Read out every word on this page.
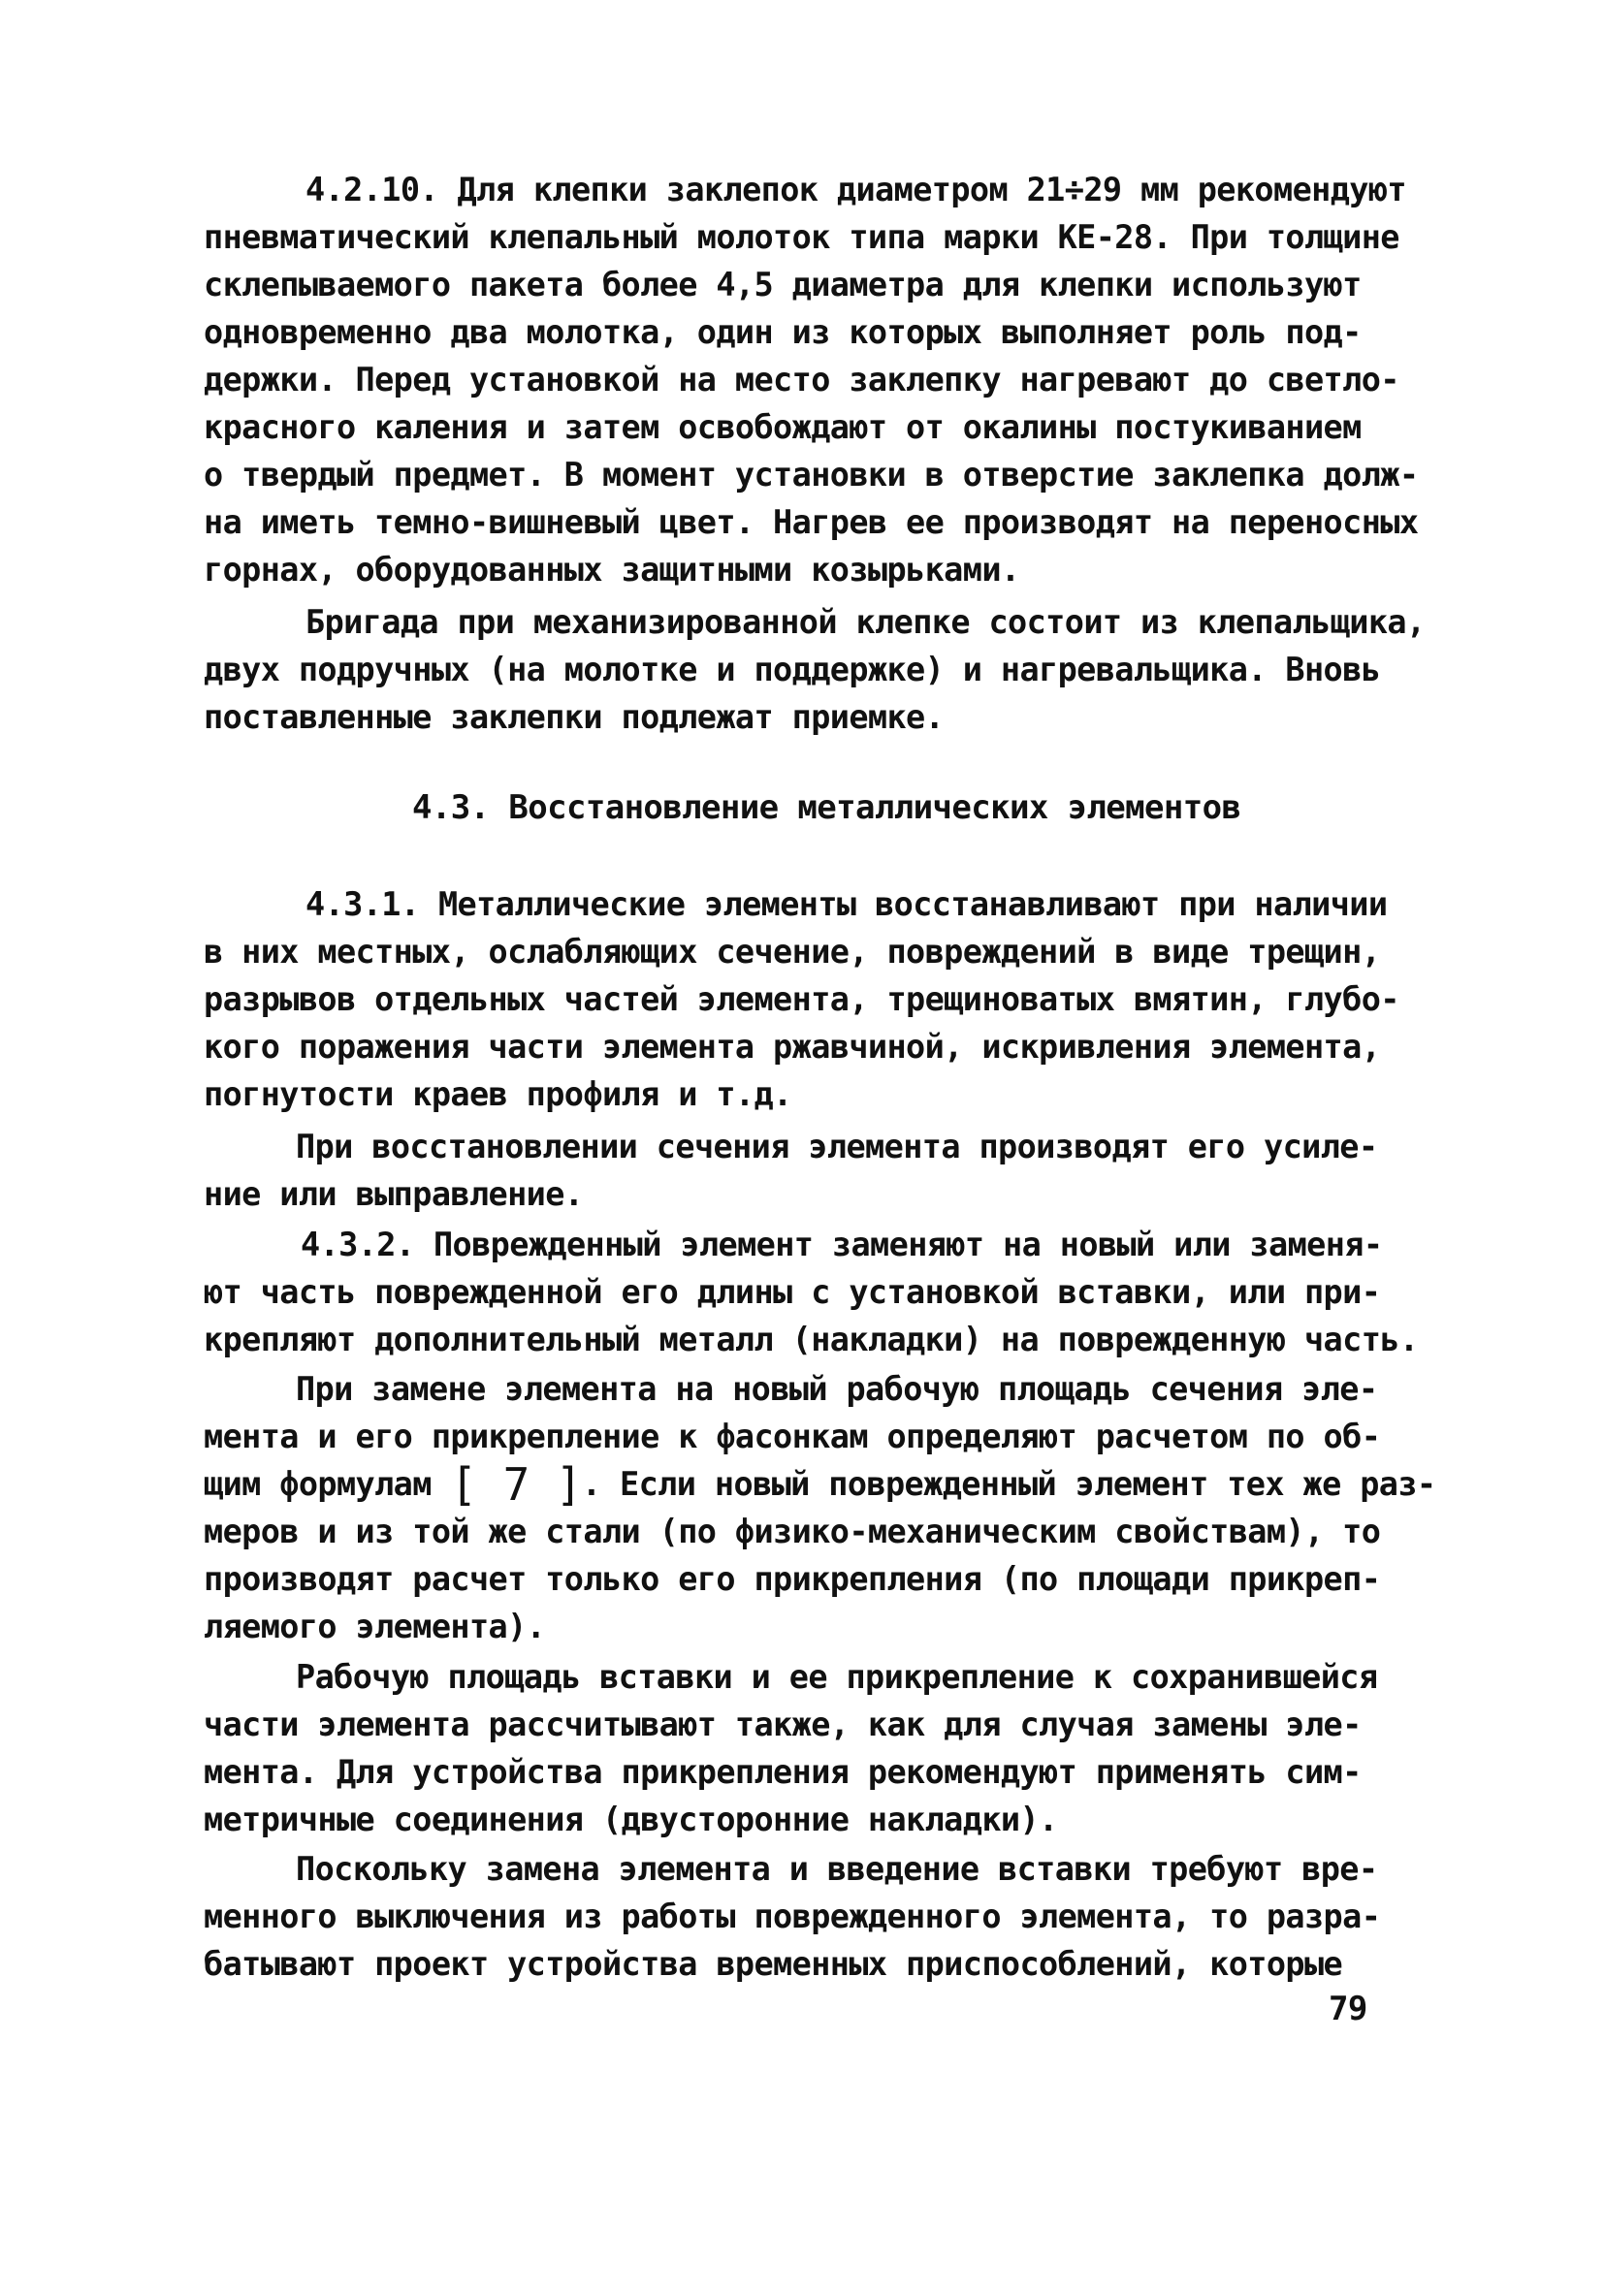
4.2.10. Для клепки заклепок диаметром 21÷29 мм рекомендуют
пневматический клепальный молоток типа марки КЕ-28. При толщине
склепываемого пакета более 4,5 диаметра для клепки используют
одновременно два молотка, один из которых выполняет роль под-
держки. Перед установкой на место заклепку нагревают до светло-
красного каления и затем освобождают от окалины постукиванием
о твердый предмет. В момент установки в отверстие заклепка долж-
на иметь темно-вишневый цвет. Нагрев ее производят на переносных
горнах, оборудованных защитными козырьками.
Бригада при механизированной клепке состоит из клепальщика,
двух подручных (на молотке и поддержке) и нагревальщика. Вновь
поставленные заклепки подлежат приемке.
4.3. Восстановление металлических элементов
4.3.1. Металлические элементы восстанавливают при наличии
в них местных, ослабляющих сечение, повреждений в виде трещин,
разрывов отдельных частей элемента, трещиноватых вмятин, глубо-
кого поражения части элемента ржавчиной, искривления элемента,
погнутости краев профиля и т.д.
При восстановлении сечения элемента производят его усиле-
ние или выправление.
4.3.2. Поврежденный элемент заменяют на новый или заменя-
ют часть поврежденной его длины с установкой вставки, или при-
крепляют дополнительный металл (накладки) на поврежденную часть.
При замене элемента на новый рабочую площадь сечения эле-
мента и его прикрепление к фасонкам определяют расчетом по об-
щим формулам [ 7 ]. Если новый поврежденный элемент тех же раз-
меров и из той же стали (по физико-механическим свойствам), то
производят расчет только его прикрепления (по площади прикреп-
ляемого элемента).
Рабочую площадь вставки и ее прикрепление к сохранившейся
части элемента рассчитывают также, как для случая замены эле-
мента. Для устройства прикрепления рекомендуют применять сим-
метричные соединения (двусторонние накладки).
Поскольку замена элемента и введение вставки требуют вре-
менного выключения из работы поврежденного элемента, то разра-
батывают проект устройства временных приспособлений, которые
79
